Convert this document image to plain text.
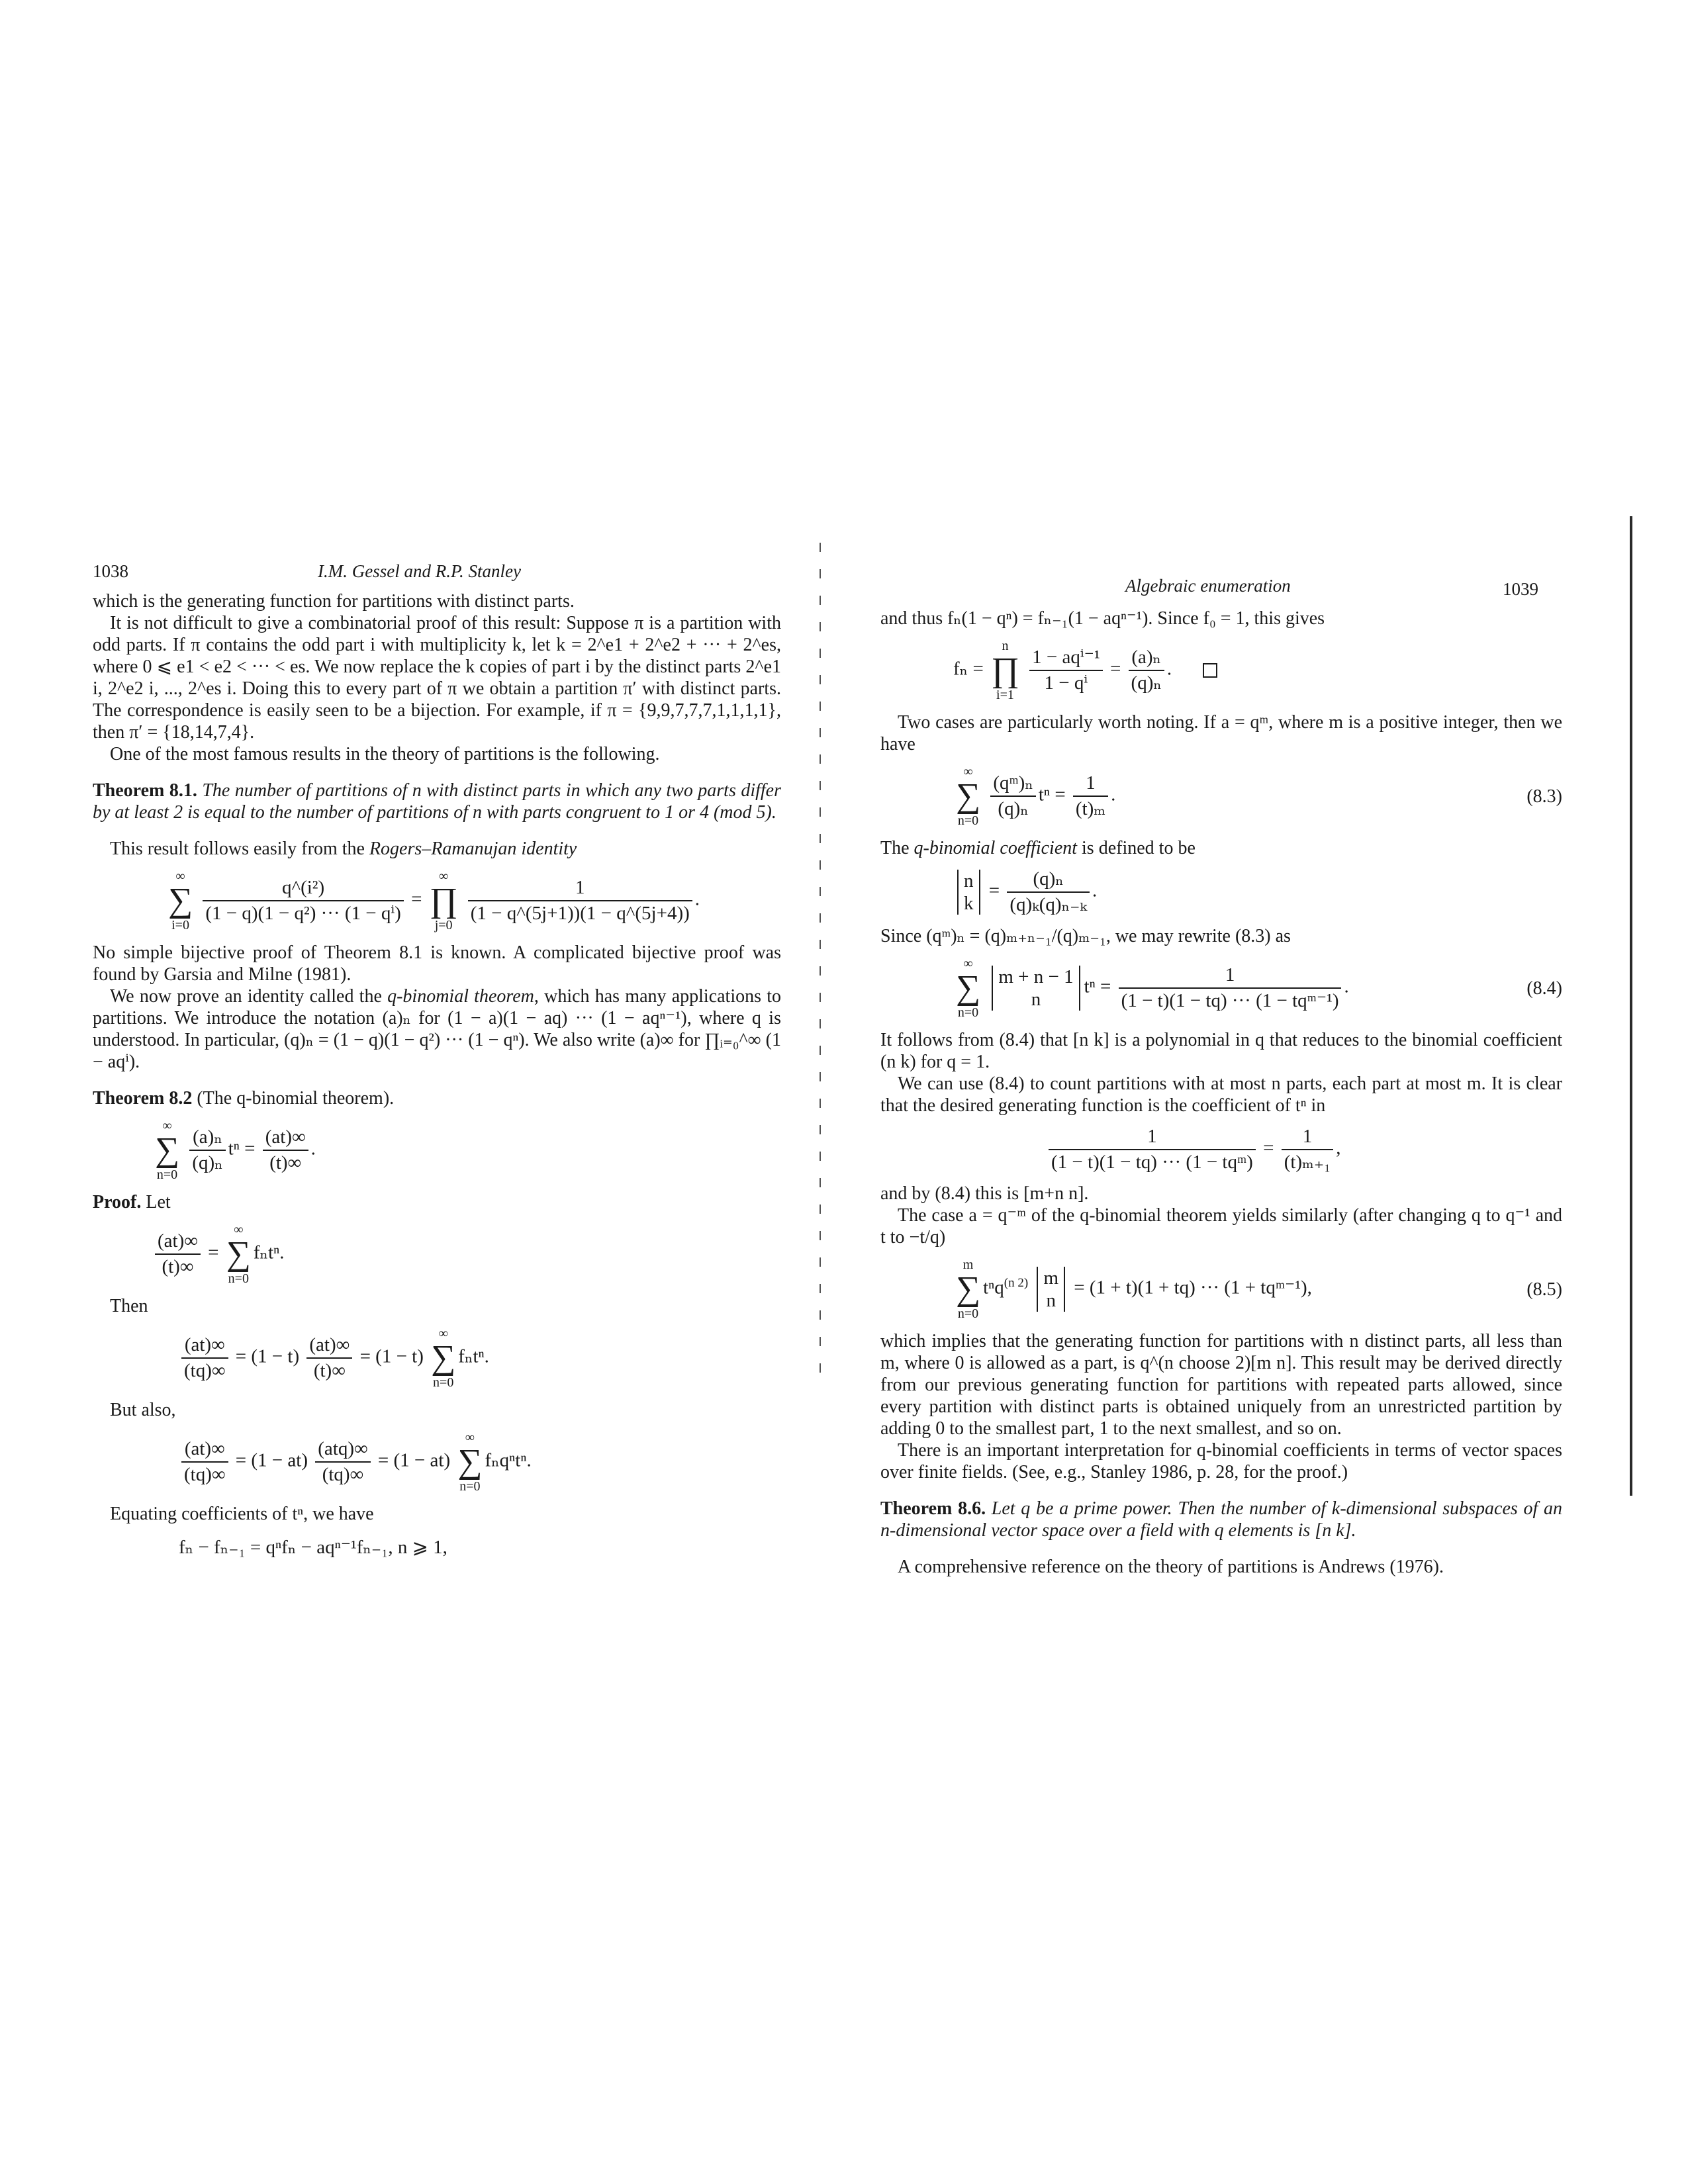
1038	I.M. Gessel and R.P. Stanley

which is the generating function for partitions with distinct parts.

It is not difficult to give a combinatorial proof of this result: Suppose π is a partition with odd parts. If π contains the odd part i with multiplicity k, let k = 2^e1 + 2^e2 + ··· + 2^es, where 0 ⩽ e1 < e2 < ··· < es. We now replace the k copies of part i by the distinct parts 2^e1 i, 2^e2 i, ..., 2^es i. Doing this to every part of π we obtain a partition π′ with distinct parts. The correspondence is easily seen to be a bijection. For example, if π = {9,9,7,7,7,1,1,1,1}, then π′ = {18,14,7,4}.

One of the most famous results in the theory of partitions is the following.

Theorem 8.1. The number of partitions of n with distinct parts in which any two parts differ by at least 2 is equal to the number of partitions of n with parts congruent to 1 or 4 (mod 5).

This result follows easily from the Rogers–Ramanujan identity

∞
∑
i=0

$\frac{\text{q\textasciicircum{}(i²)}}{\text{(1 − q)(1 − q²) ··· (1 − qⁱ)}}$ =
∞
∏
j=0

$\frac{1}{(1 - q\^{}(5j+1))(1 - q\^{}(5j+4))}$ .

No simple bijective proof of Theorem 8.1 is known. A complicated bijective proof was found by Garsia and Milne (1981).

We now prove an identity called the q-binomial theorem, which has many applications to partitions. We introduce the notation (a)ₙ for (1 − a)(1 − aq) ··· (1 − aqⁿ⁻¹), where q is understood. In particular, (q)ₙ = (1 − q)(1 − q²) ··· (1 − qⁿ). We also write (a)∞ for ∏ᵢ₌₀^∞ (1 − aqⁱ).

Theorem 8.2 (The q-binomial theorem).

∞
∑
n=0

$\frac{\text{(a)ₙ}}{\text{(q)ₙ}}$ $t^n = \frac{(at)\infty}{(t)\infty}$ .

Proof. Let

$\frac{(at)\infty}{(t)\infty}$ =
∞
∑
n=0
fₙtⁿ.

Then

$\frac{(at)\infty}{(tq)\infty} = (1 - t) \frac{(at)\infty}{(t)\infty} = (1 - t)$
∞
∑
n=0
fₙtⁿ.

But also,

$\frac{(at)\infty}{(tq)\infty} = (1 - at) \frac{\text{(atq)∞}}{(tq)\infty} = (1 - at)$
∞
∑
n=0
fₙqⁿtⁿ.

Equating coefficients of tⁿ, we have

fₙ − fₙ₋₁ = qⁿfₙ − aqⁿ⁻¹fₙ₋₁, n ⩾ 1,
Algebraic enumeration	1039

and thus fₙ(1 − qⁿ) = fₙ₋₁(1 − aqⁿ⁻¹). Since f₀ = 1, this gives

fₙ =
n
∏
i=1

$\frac{\text{1 − aqⁱ⁻¹}}{\text{1 − qⁱ}} = \frac{\text{(a)ₙ}}{\text{(q)ₙ}}$ .

Two cases are particularly worth noting. If a = qᵐ, where m is a positive integer, then we have

∞
∑
n=0

$\frac{\text{(qᵐ)ₙ}}{\text{(q)ₙ}}$ $t^n = \frac{1}{\text{(t)ₘ}}$ .	(8.3)

The q-binomial coefficient is defined to be

n
k
= $\frac{\text{(q)ₙ}}{\text{(q)ₖ(q)ₙ₋ₖ}}$ .

Since (qᵐ)ₙ = (q)ₘ₊ₙ₋₁/(q)ₘ₋₁, we may rewrite (8.3) as

∞
∑
n=0

m + n − 1
n
$t^n = \frac{1}{\text{(1 − t)(1 − tq) ··· (1 − tqᵐ⁻¹)}}$ .	(8.4)

It follows from (8.4) that [n k] is a polynomial in q that reduces to the binomial coefficient (n k) for q = 1.

We can use (8.4) to count partitions with at most n parts, each part at most m. It is clear that the desired generating function is the coefficient of tⁿ in

$\frac{1}{\text{(1 − t)(1 − tq) ··· (1 − tqᵐ)}} = \frac{1}{\text{(t)ₘ₊₁}}$ ,

and by (8.4) this is [m+n n].

The case a = q⁻ᵐ of the q-binomial theorem yields similarly (after changing q to q⁻¹ and t to −t/q)

m
∑
n=0
tⁿq$^{(n 2)}$ m
n
= (1 + t)(1 + tq) ··· (1 + tqᵐ⁻¹),	(8.5)

which implies that the generating function for partitions with n distinct parts, all less than m, where 0 is allowed as a part, is q^(n choose 2)[m n]. This result may be derived directly from our previous generating function for partitions with repeated parts allowed, since every partition with distinct parts is obtained uniquely from an unrestricted partition by adding 0 to the smallest part, 1 to the next smallest, and so on.

There is an important interpretation for q-binomial coefficients in terms of vector spaces over finite fields. (See, e.g., Stanley 1986, p. 28, for the proof.)

Theorem 8.6. Let q be a prime power. Then the number of k-dimensional subspaces of an n-dimensional vector space over a field with q elements is [n k].

A comprehensive reference on the theory of partitions is Andrews (1976).
